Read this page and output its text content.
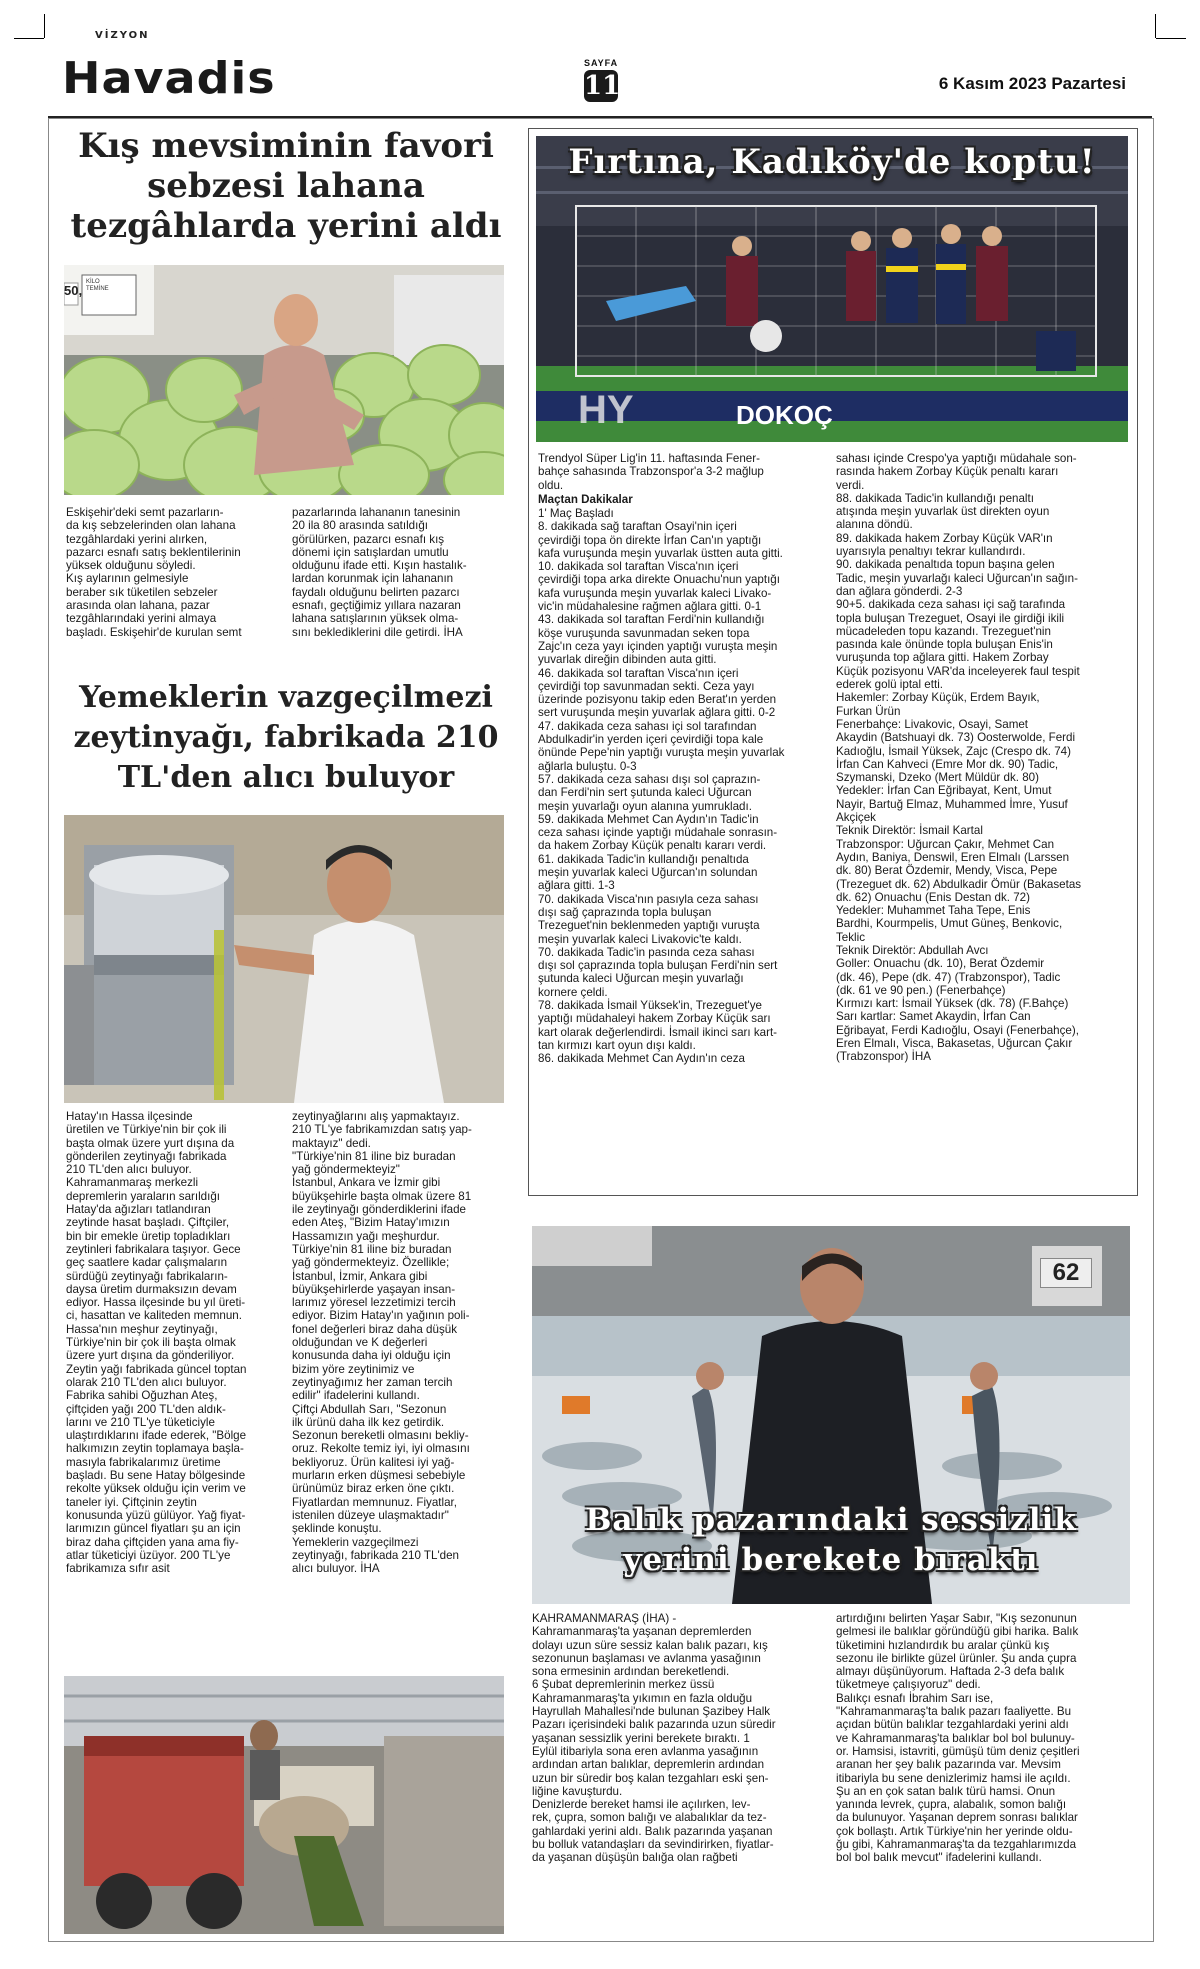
VİZYON
Havadis	SAYFA
11	6 Kasım 2023 Pazartesi
Kış mevsiminin favori sebzesi lahana tezgâhlarda yerini aldı
50,
KİLO
TEMİNE
Eskişehir'deki semt pazarların-
da kış sebzelerinden olan lahana
tezgâhlardaki yerini alırken,
pazarcı esnafı satış beklentilerinin
yüksek olduğunu söyledi.
Kış aylarının gelmesiyle
beraber sık tüketilen sebzeler
arasında olan lahana, pazar
tezgâhlarındaki yerini almaya
başladı. Eskişehir'de kurulan semt
pazarlarında lahananın tanesinin
20 ila 80 arasında satıldığı
görülürken, pazarcı esnafı kış
dönemi için satışlardan umutlu
olduğunu ifade etti. Kışın hastalık-
lardan korunmak için lahananın
faydalı olduğunu belirten pazarcı
esnafı, geçtiğimiz yıllara nazaran
lahana satışlarının yüksek olma-
sını beklediklerini dile getirdi. İHA
Yemeklerin vazgeçilmezi zeytinyağı, fabrikada 210 TL'den alıcı buluyor
Hatay'ın Hassa ilçesinde
üretilen ve Türkiye'nin bir çok ili
başta olmak üzere yurt dışına da
gönderilen zeytinyağı fabrikada
210 TL'den alıcı buluyor.
Kahramanmaraş merkezli
depremlerin yaraların sarıldığı
Hatay'da ağızları tatlandıran
zeytinde hasat başladı. Çiftçiler,
bin bir emekle üretip topladıkları
zeytinleri fabrikalara taşıyor. Gece
geç saatlere kadar çalışmaların
sürdüğü zeytinyağı fabrikaların-
daysa üretim durmaksızın devam
ediyor. Hassa ilçesinde bu yıl üreti-
ci, hasattan ve kaliteden memnun.
Hassa'nın meşhur zeytinyağı,
Türkiye'nin bir çok ili başta olmak
üzere yurt dışına da gönderiliyor.
Zeytin yağı fabrikada güncel toptan
olarak 210 TL'den alıcı buluyor.
Fabrika sahibi Oğuzhan Ateş,
çiftçiden yağı 200 TL'den aldık-
larını ve 210 TL'ye tüketiciyle
ulaştırdıklarını ifade ederek, "Bölge
halkımızın zeytin toplamaya başla-
masıyla fabrikalarımız üretime
başladı. Bu sene Hatay bölgesinde
rekolte yüksek olduğu için verim ve
taneler iyi. Çiftçinin zeytin
konusunda yüzü gülüyor. Yağ fiyat-
larımızın güncel fiyatları şu an için
biraz daha çiftçiden yana ama fiy-
atlar tüketiciyi üzüyor. 200 TL'ye
fabrikamıza sıfır asit
zeytinyağlarını alış yapmaktayız.
210 TL'ye fabrikamızdan satış yap-
maktayız" dedi.
"Türkiye'nin 81 iline biz buradan
yağ göndermekteyiz"
İstanbul, Ankara ve İzmir gibi
büyükşehirle başta olmak üzere 81
ile zeytinyağı gönderdiklerini ifade
eden Ateş, "Bizim Hatay'ımızın
Hassamızın yağı meşhurdur.
Türkiye'nin 81 iline biz buradan
yağ göndermekteyiz. Özellikle;
İstanbul, İzmir, Ankara gibi
büyükşehirlerde yaşayan insan-
larımız yöresel lezzetimizi tercih
ediyor. Bizim Hatay'ın yağının poli-
fonel değerleri biraz daha düşük
olduğundan ve K değerleri
konusunda daha iyi olduğu için
bizim yöre zeytinimiz ve
zeytinyağımız her zaman tercih
edilir" ifadelerini kullandı.
Çiftçi Abdullah Sarı, "Sezonun
ilk ürünü daha ilk kez getirdik.
Sezonun bereketli olmasını bekliy-
oruz. Rekolte temiz iyi, iyi olmasını
bekliyoruz. Ürün kalitesi iyi yağ-
murların erken düşmesi sebebiyle
ürünümüz biraz erken öne çıktı.
Fiyatlardan memnunuz. Fiyatlar,
istenilen düzeye ulaşmaktadır"
şeklinde konuştu.
Yemeklerin vazgeçilmezi
zeytinyağı, fabrikada 210 TL'den
alıcı buluyor. İHA
Fırtına, Kadıköy'de koptu!
HY	DOKOÇ
Trendyol Süper Lig'in 11. haftasında Fener-
bahçe sahasında Trabzonspor'a 3-2 mağlup
oldu.
Maçtan Dakikalar
1' Maç Başladı
8. dakikada sağ taraftan Osayi'nin içeri
çevirdiği topa ön direkte İrfan Can'ın yaptığı
kafa vuruşunda meşin yuvarlak üstten auta gitti.
10. dakikada sol taraftan Visca'nın içeri
çevirdiği topa arka direkte Onuachu'nun yaptığı
kafa vuruşunda meşin yuvarlak kaleci Livako-
vic'in müdahalesine rağmen ağlara gitti. 0-1
43. dakikada sol taraftan Ferdi'nin kullandığı
köşe vuruşunda savunmadan seken topa
Zajc'ın ceza yayı içinden yaptığı vuruşta meşin
yuvarlak direğin dibinden auta gitti.
46. dakikada sol taraftan Visca'nın içeri
çevirdiği top savunmadan sekti. Ceza yayı
üzerinde pozisyonu takip eden Berat'ın yerden
sert vuruşunda meşin yuvarlak ağlara gitti. 0-2
47. dakikada ceza sahası içi sol tarafından
Abdulkadir'in yerden içeri çevirdiği topa kale
önünde Pepe'nin yaptığı vuruşta meşin yuvarlak
ağlarla buluştu. 0-3
57. dakikada ceza sahası dışı sol çaprazın-
dan Ferdi'nin sert şutunda kaleci Uğurcan
meşin yuvarlağı oyun alanına yumrukladı.
59. dakikada Mehmet Can Aydın'ın Tadic'in
ceza sahası içinde yaptığı müdahale sonrasın-
da hakem Zorbay Küçük penaltı kararı verdi.
61. dakikada Tadic'in kullandığı penaltıda
meşin yuvarlak kaleci Uğurcan'ın solundan
ağlara gitti. 1-3
70. dakikada Visca'nın pasıyla ceza sahası
dışı sağ çaprazında topla buluşan
Trezeguet'nin beklenmeden yaptığı vuruşta
meşin yuvarlak kaleci Livakovic'te kaldı.
70. dakikada Tadic'in pasında ceza sahası
dışı sol çaprazında topla buluşan Ferdi'nin sert
şutunda kaleci Uğurcan meşin yuvarlağı
kornere çeldi.
78. dakikada İsmail Yüksek'in, Trezeguet'ye
yaptığı müdahaleyi hakem Zorbay Küçük sarı
kart olarak değerlendirdi. İsmail ikinci sarı kart-
tan kırmızı kart oyun dışı kaldı.
86. dakikada Mehmet Can Aydın'ın ceza
sahası içinde Crespo'ya yaptığı müdahale son-
rasında hakem Zorbay Küçük penaltı kararı
verdi.
88. dakikada Tadic'in kullandığı penaltı
atışında meşin yuvarlak üst direkten oyun
alanına döndü.
89. dakikada hakem Zorbay Küçük VAR'ın
uyarısıyla penaltıyı tekrar kullandırdı.
90. dakikada penaltıda topun başına gelen
Tadic, meşin yuvarlağı kaleci Uğurcan'ın sağın-
dan ağlara gönderdi. 2-3
90+5. dakikada ceza sahası içi sağ tarafında
topla buluşan Trezeguet, Osayi ile girdiği ikili
mücadeleden topu kazandı. Trezeguet'nin
pasında kale önünde topla buluşan Enis'in
vuruşunda top ağlara gitti. Hakem Zorbay
Küçük pozisyonu VAR'da inceleyerek faul tespit
ederek golü iptal etti.
Hakemler: Zorbay Küçük, Erdem Bayık,
Furkan Ürün
Fenerbahçe: Livakovic, Osayi, Samet
Akaydin (Batshuayi dk. 73) Oosterwolde, Ferdi
Kadıoğlu, İsmail Yüksek, Zajc (Crespo dk. 74)
İrfan Can Kahveci (Emre Mor dk. 90) Tadic,
Szymanski, Dzeko (Mert Müldür dk. 80)
Yedekler: İrfan Can Eğribayat, Kent, Umut
Nayir, Bartuğ Elmaz, Muhammed İmre, Yusuf
Akçiçek
Teknik Direktör: İsmail Kartal
Trabzonspor: Uğurcan Çakır, Mehmet Can
Aydın, Baniya, Denswil, Eren Elmalı (Larssen
dk. 80) Berat Özdemir, Mendy, Visca, Pepe
(Trezeguet dk. 62) Abdulkadir Ömür (Bakasetas
dk. 62) Onuachu (Enis Destan dk. 72)
Yedekler: Muhammet Taha Tepe, Enis
Bardhi, Kourmpelis, Umut Güneş, Benkovic,
Teklic
Teknik Direktör: Abdullah Avcı
Goller: Onuachu (dk. 10), Berat Özdemir
(dk. 46), Pepe (dk. 47) (Trabzonspor), Tadic
(dk. 61 ve 90 pen.) (Fenerbahçe)
Kırmızı kart: İsmail Yüksek (dk. 78) (F.Bahçe)
Sarı kartlar: Samet Akaydin, İrfan Can
Eğribayat, Ferdi Kadıoğlu, Osayi (Fenerbahçe),
Eren Elmalı, Visca, Bakasetas, Uğurcan Çakır
(Trabzonspor) İHA
62
Balık pazarındaki sessizlik
yerini berekete bıraktı
KAHRAMANMARAŞ (İHA) -
Kahramanmaraş'ta yaşanan depremlerden
dolayı uzun süre sessiz kalan balık pazarı, kış
sezonunun başlaması ve avlanma yasağının
sona ermesinin ardından bereketlendi.
6 Şubat depremlerinin merkez üssü
Kahramanmaraş'ta yıkımın en fazla olduğu
Hayrullah Mahallesi'nde bulunan Şazibey Halk
Pazarı içerisindeki balık pazarında uzun süredir
yaşanan sessizlik yerini berekete bıraktı. 1
Eylül itibariyla sona eren avlanma yasağının
ardından artan balıklar, depremlerin ardından
uzun bir süredir boş kalan tezgahları eski şen-
liğine kavuşturdu.
Denizlerde bereket hamsi ile açılırken, lev-
rek, çupra, somon balığı ve alabalıklar da tez-
gahlardaki yerini aldı. Balık pazarında yaşanan
bu bolluk vatandaşları da sevindirirken, fiyatlar-
da yaşanan düşüşün balığa olan rağbeti
artırdığını belirten Yaşar Sabır, "Kış sezonunun
gelmesi ile balıklar göründüğü gibi harika. Balık
tüketimini hızlandırdık bu aralar çünkü kış
sezonu ile birlikte güzel ürünler. Şu anda çupra
almayı düşünüyorum. Haftada 2-3 defa balık
tüketmeye çalışıyoruz" dedi.
Balıkçı esnafı İbrahim Sarı ise,
"Kahramanmaraş'ta balık pazarı faaliyette. Bu
açıdan bütün balıklar tezgahlardaki yerini aldı
ve Kahramanmaraş'ta balıklar bol bol bulunuy-
or. Hamsisi, istavriti, gümüşü tüm deniz çeşitleri
aranan her şey balık pazarında var. Mevsim
itibariyla bu sene denizlerimiz hamsi ile açıldı.
Şu an en çok satan balık türü hamsi. Onun
yanında levrek, çupra, alabalık, somon balığı
da bulunuyor. Yaşanan deprem sonrası balıklar
çok bollaştı. Artık Türkiye'nin her yerinde oldu-
ğu gibi, Kahramanmaraş'ta da tezgahlarımızda
bol bol balık mevcut" ifadelerini kullandı.
